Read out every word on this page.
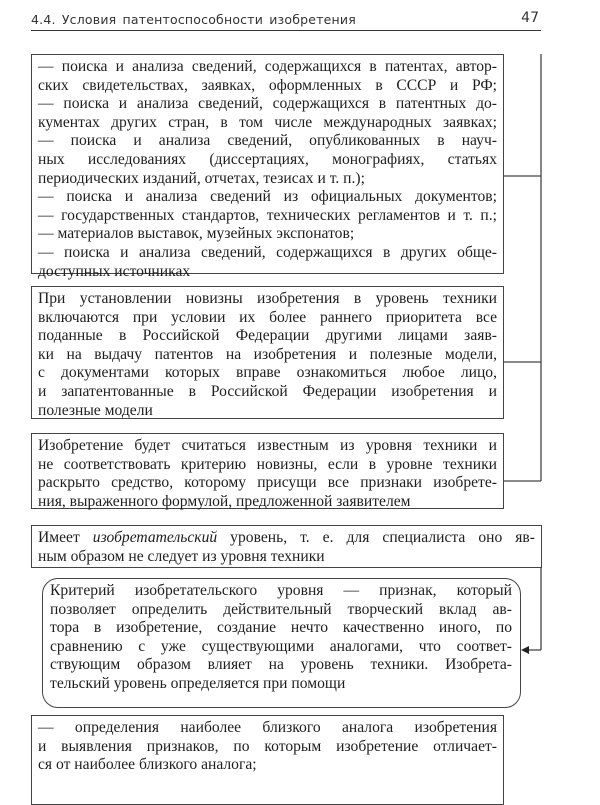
4.4. Условия патентоспособности изобретения	47
— поиска и анализа сведений, содержащихся в патентах, автор-
ских свидетельствах, заявках, оформленных в СССР и РФ;
— поиска и анализа сведений, содержащихся в патентных до-
кументах других стран, в том числе международных заявках;
— поиска и анализа сведений, опубликованных в науч-
ных исследованиях (диссертациях, монографиях, статьях
периодических изданий, отчетах, тезисах и т. п.);
— поиска и анализа сведений из официальных документов;
— государственных стандартов, технических регламентов и т. п.;
— материалов выставок, музейных экспонатов;
— поиска и анализа сведений, содержащихся в других обще-
доступных источниках
При установлении новизны изобретения в уровень техники
включаются при условии их более раннего приоритета все
поданные в Российской Федерации другими лицами заяв-
ки на выдачу патентов на изобретения и полезные модели,
с документами которых вправе ознакомиться любое лицо,
и запатентованные в Российской Федерации изобретения и
полезные модели
Изобретение будет считаться известным из уровня техники и
не соответствовать критерию новизны, если в уровне техники
раскрыто средство, которому присущи все признаки изобрете-
ния, выраженного формулой, предложенной заявителем
Имеет изобретательский уровень, т. е. для специалиста оно яв-
ным образом не следует из уровня техники
Критерий изобретательского уровня — признак, который
позволяет определить действительный творческий вклад ав-
тора в изобретение, создание нечто качественно иного, по
сравнению с уже существующими аналогами, что соответ-
ствующим образом влияет на уровень техники. Изобрета-
тельский уровень определяется при помощи
— определения наиболее близкого аналога изобретения
и выявления признаков, по которым изобретение отличает-
ся от наиболее близкого аналога;
